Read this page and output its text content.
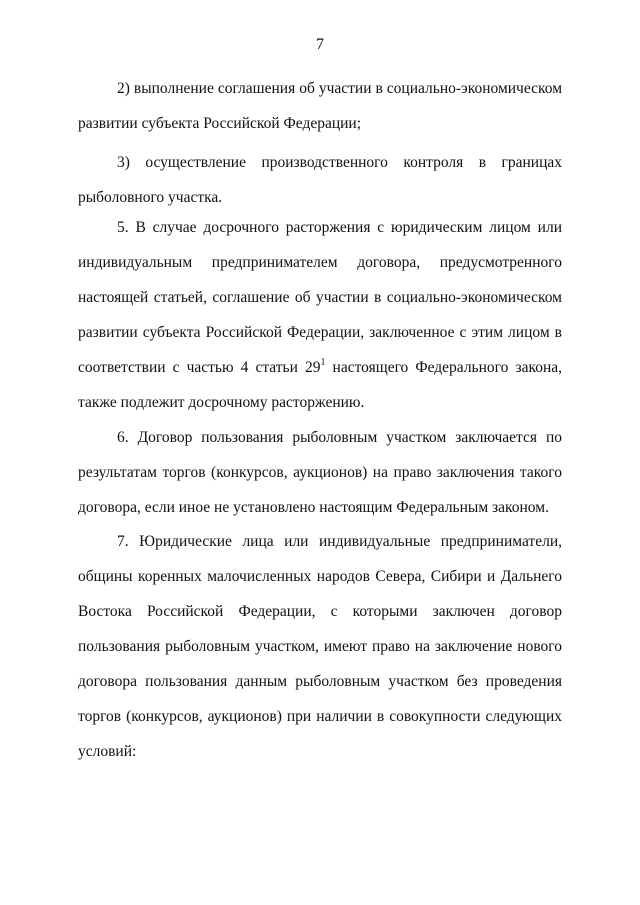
7

2) выполнение соглашения об участии в социально-экономическом развитии субъекта Российской Федерации;

3) осуществление производственного контроля в границах рыболовного участка.

5. В случае досрочного расторжения с юридическим лицом или индивидуальным предпринимателем договора, предусмотренного настоящей статьей, соглашение об участии в социально-экономическом развитии субъекта Российской Федерации, заключенное с этим лицом в соответствии с частью 4 статьи $29^1$ настоящего Федерального закона, также подлежит досрочному расторжению.

6. Договор пользования рыболовным участком заключается по результатам торгов (конкурсов, аукционов) на право заключения такого договора, если иное не установлено настоящим Федеральным законом.

7. Юридические лица или индивидуальные предприниматели, общины коренных малочисленных народов Севера, Сибири и Дальнего Востока Российской Федерации, с которыми заключен договор пользования рыболовным участком, имеют право на заключение нового договора пользования данным рыболовным участком без проведения торгов (конкурсов, аукционов) при наличии в совокупности следующих условий:
